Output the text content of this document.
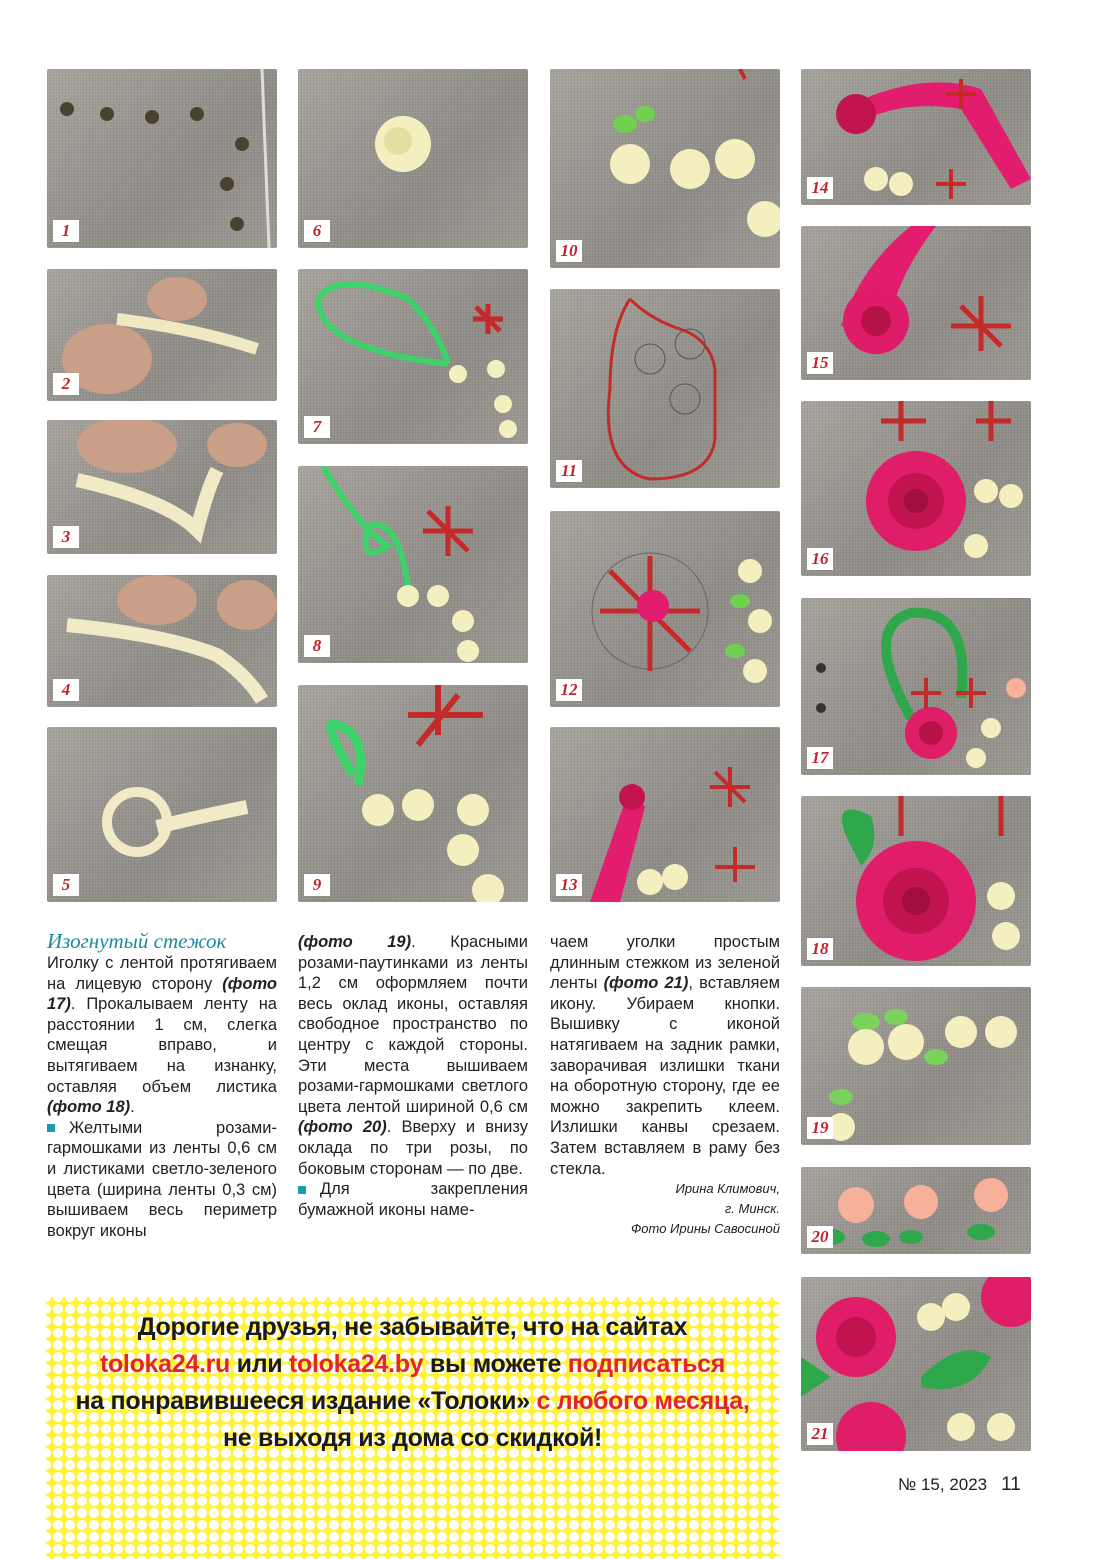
1
2
3
4
5
6
7
8
9
10
11
12
13
14
15
16
17
18
19
20
21
Изогнутый стежок

Иголку с лентой протягиваем на лицевую сторону (фото 17). Прокалываем ленту на расстоянии 1 см, слегка смещая вправо, и вытягиваем на изнанку, оставляя объем листика (фото 18).

Желтыми розами-гармошками из ленты 0,6 см и листиками светло-зеленого цвета (ширина ленты 0,3 см) вышиваем весь периметр вокруг иконы

(фото 19). Красными розами-паутинками из ленты 1,2 см оформляем почти весь оклад иконы, оставляя свободное пространство по центру с каждой стороны. Эти места вышиваем розами-гармошками светлого цвета лентой шириной 0,6 см (фото 20). Вверху и внизу оклада по три розы, по боковым сторонам — по две.

Для закрепления бумажной иконы наме-

чаем уголки простым длинным стежком из зеленой ленты (фото 21), вставляем икону. Убираем кнопки. Вышивку с иконой натягиваем на задник рамки, заворачивая излишки ткани на оборотную сторону, где ее можно закрепить клеем. Излишки канвы срезаем. Затем вставляем в раму без стекла.

Ирина Климович,
г. Минск.
Фото Ирины Савосиной
Дорогие друзья, не забывайте, что на сайтах
toloka24.ru или toloka24.by вы можете подписаться
на понравившееся издание «Толоки» с любого месяца,
не выходя из дома со скидкой!
№ 15, 2023 11
